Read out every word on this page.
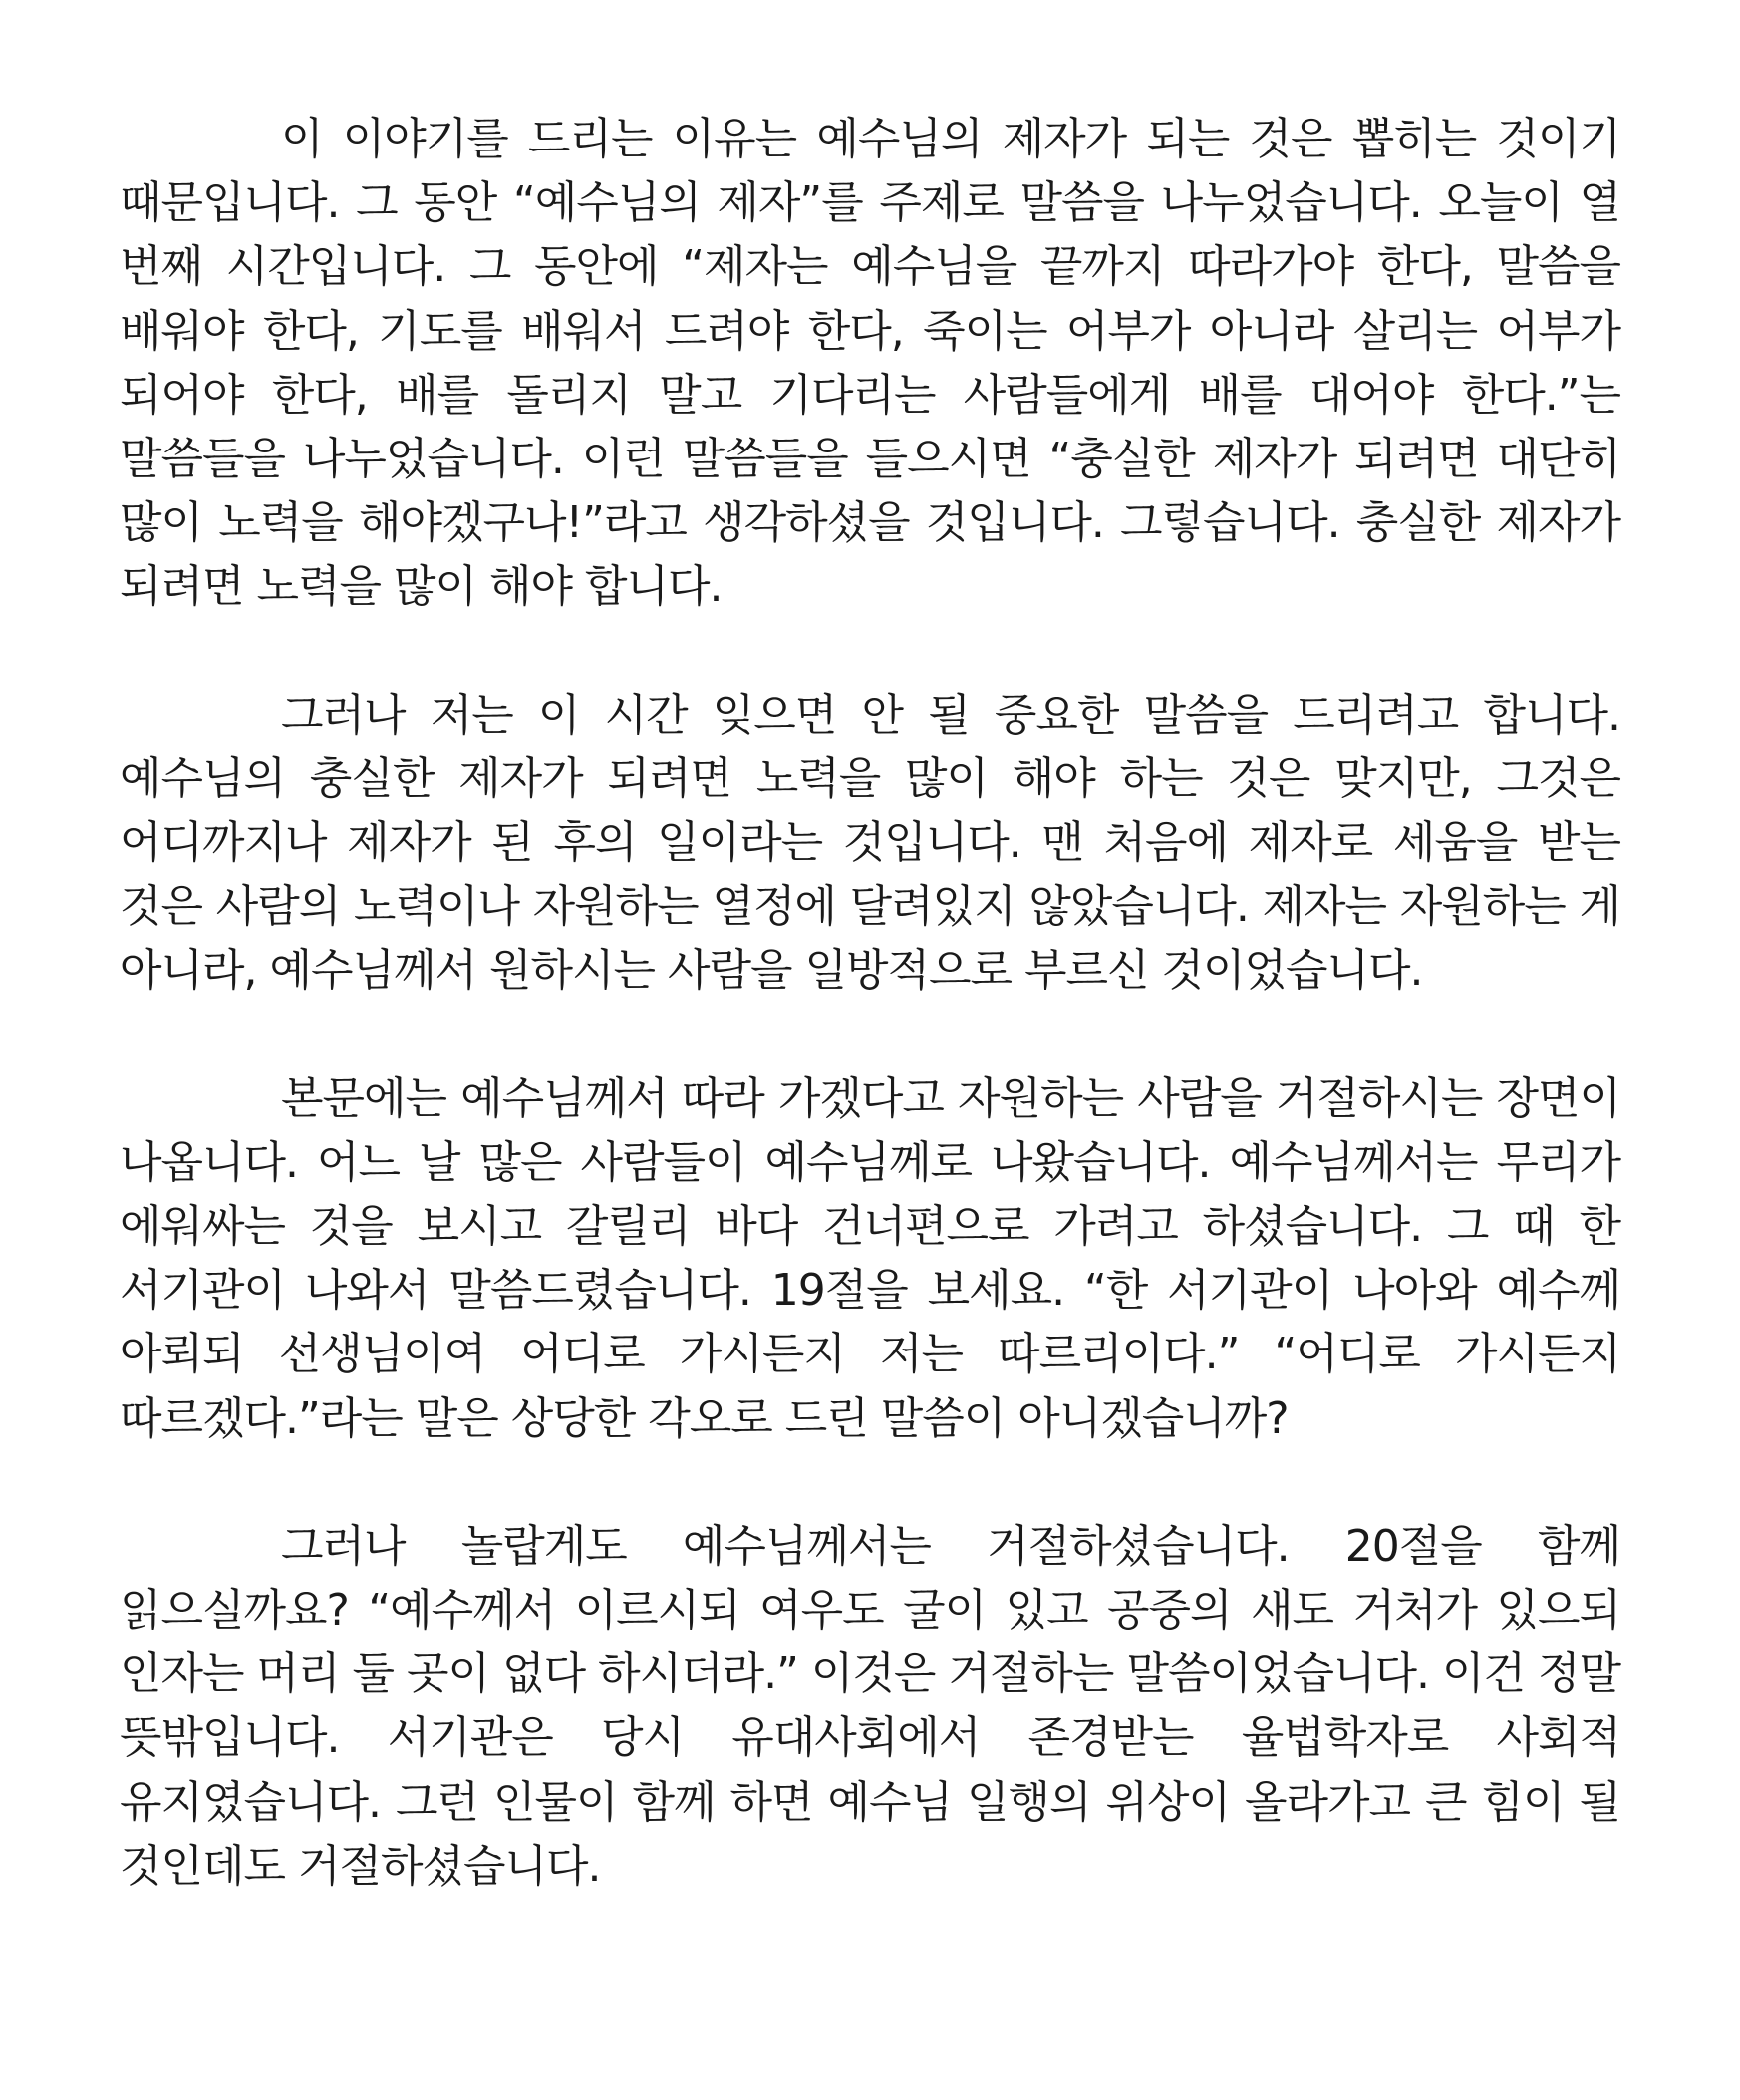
이 이야기를 드리는 이유는 예수님의 제자가 되는 것은 뽑히는 것이기 때문입니다. 그 동안 “예수님의 제자”를 주제로 말씀을 나누었습니다. 오늘이 열 번째 시간입니다. 그 동안에 “제자는 예수님을 끝까지 따라가야 한다, 말씀을 배워야 한다, 기도를 배워서 드려야 한다, 죽이는 어부가 아니라 살리는 어부가 되어야 한다, 배를 돌리지 말고 기다리는 사람들에게 배를 대어야 한다.”는 말씀들을 나누었습니다. 이런 말씀들을 들으시면 “충실한 제자가 되려면 대단히 많이 노력을 해야겠구나!”라고 생각하셨을 것입니다. 그렇습니다. 충실한 제자가 되려면 노력을 많이 해야 합니다.

그러나 저는 이 시간 잊으면 안 될 중요한 말씀을 드리려고 합니다. 예수님의 충실한 제자가 되려면 노력을 많이 해야 하는 것은 맞지만, 그것은 어디까지나 제자가 된 후의 일이라는 것입니다. 맨 처음에 제자로 세움을 받는 것은 사람의 노력이나 자원하는 열정에 달려있지 않았습니다. 제자는 자원하는 게 아니라, 예수님께서 원하시는 사람을 일방적으로 부르신 것이었습니다.

본문에는 예수님께서 따라 가겠다고 자원하는 사람을 거절하시는 장면이 나옵니다. 어느 날 많은 사람들이 예수님께로 나왔습니다. 예수님께서는 무리가 에워싸는 것을 보시고 갈릴리 바다 건너편으로 가려고 하셨습니다. 그 때 한 서기관이 나와서 말씀드렸습니다. 19절을 보세요. “한 서기관이 나아와 예수께 아뢰되 선생님이여 어디로 가시든지 저는 따르리이다.” “어디로 가시든지 따르겠다.”라는 말은 상당한 각오로 드린 말씀이 아니겠습니까?

그러나 놀랍게도 예수님께서는 거절하셨습니다. 20절을 함께 읽으실까요? “예수께서 이르시되 여우도 굴이 있고 공중의 새도 거처가 있으되 인자는 머리 둘 곳이 없다 하시더라.” 이것은 거절하는 말씀이었습니다. 이건 정말 뜻밖입니다. 서기관은 당시 유대사회에서 존경받는 율법학자로 사회적 유지였습니다. 그런 인물이 함께 하면 예수님 일행의 위상이 올라가고 큰 힘이 될 것인데도 거절하셨습니다.
